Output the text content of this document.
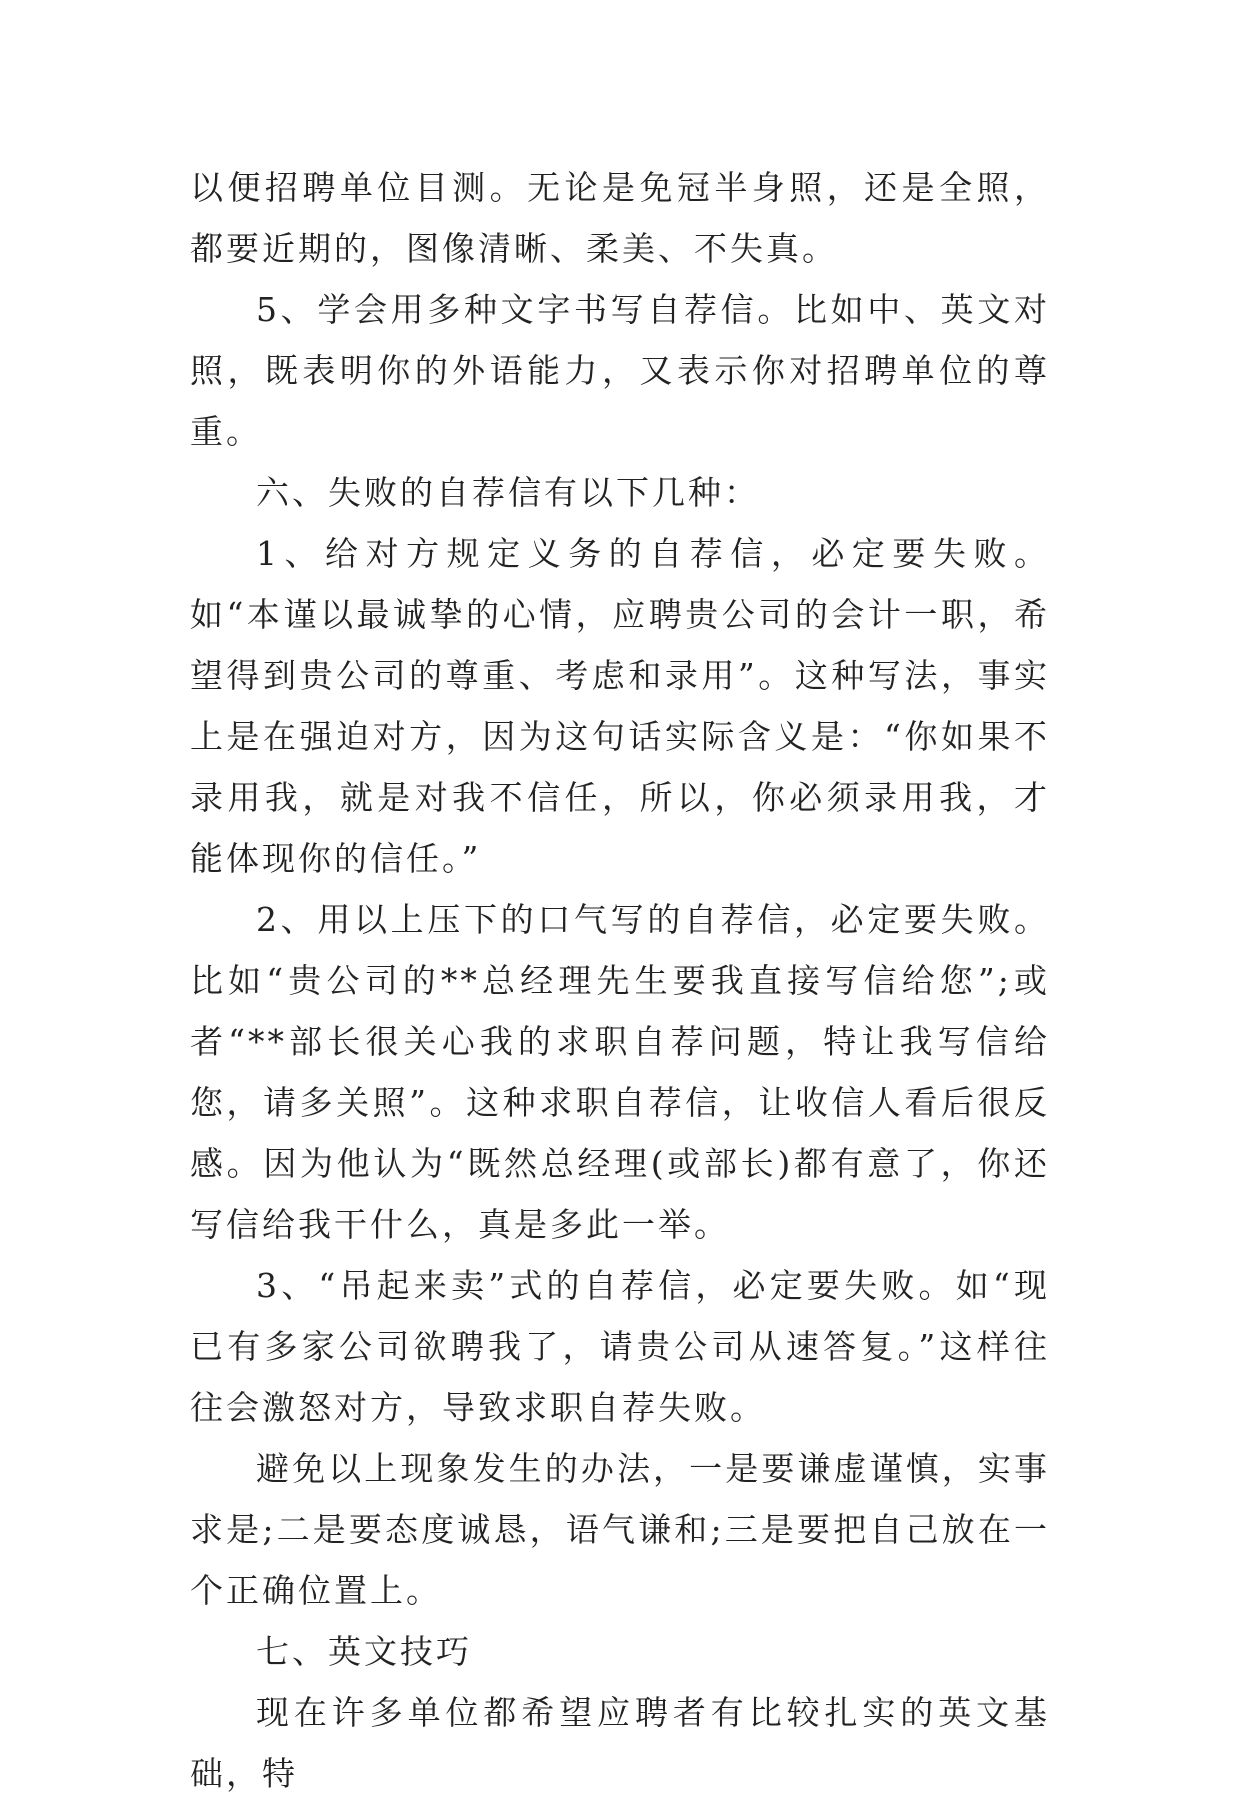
以便招聘单位目测。无论是免冠半身照，还是全照，都要近期的，图像清晰、柔美、不失真。

5、学会用多种文字书写自荐信。比如中、英文对照，既表明你的外语能力，又表示你对招聘单位的尊重。

六、失败的自荐信有以下几种：

1、给对方规定义务的自荐信，必定要失败。如“本谨以最诚挚的心情，应聘贵公司的会计一职，希望得到贵公司的尊重、考虑和录用”。这种写法，事实上是在强迫对方，因为这句话实际含义是：“你如果不录用我，就是对我不信任，所以，你必须录用我，才能体现你的信任。”

2、用以上压下的口气写的自荐信，必定要失败。比如“贵公司的**总经理先生要我直接写信给您”;或者“**部长很关心我的求职自荐问题，特让我写信给您，请多关照”。这种求职自荐信，让收信人看后很反感。因为他认为“既然总经理(或部长)都有意了，你还写信给我干什么，真是多此一举。

3、“吊起来卖”式的自荐信，必定要失败。如“现已有多家公司欲聘我了，请贵公司从速答复。”这样往往会激怒对方，导致求职自荐失败。

避免以上现象发生的办法，一是要谦虚谨慎，实事求是;二是要态度诚恳，语气谦和;三是要把自己放在一个正确位置上。

七、英文技巧

现在许多单位都希望应聘者有比较扎实的英文基础，特
